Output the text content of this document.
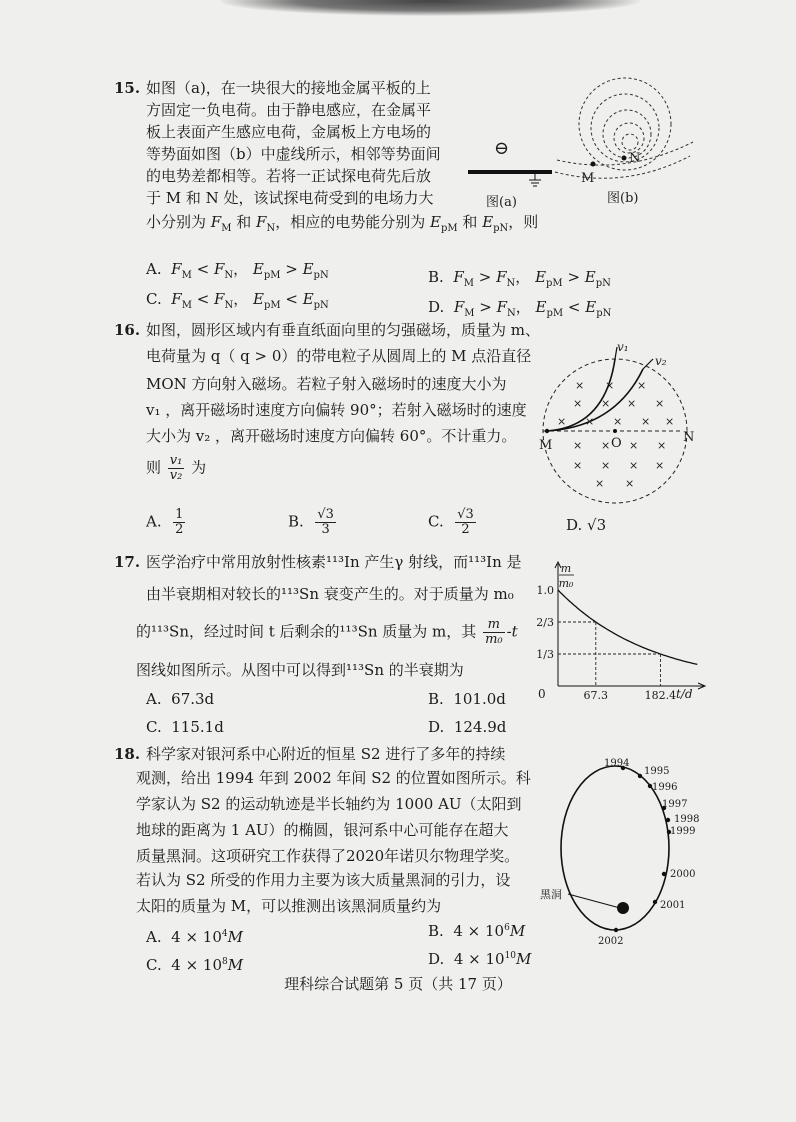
15. 如图（a)，在一块很大的接地金属平板的上
方固定一负电荷。由于静电感应，在金属平
板上表面产生感应电荷，金属板上方电场的
等势面如图（b）中虚线所示，相邻等势面间
的电势差都相等。若将一正试探电荷先后放
于 M 和 N 处，该试探电荷受到的电场力大
小分别为 $F_M$ 和 $F_N$，相应的电势能分别为 $E_{pM}$ 和 $E_{pN}$，则
⊖
图(a)
M
N
图(b)
A. $F_M < F_N$， $E_{pM} > E_{pN}$	B. $F_M > F_N$， $E_{pM} > E_{pN}$
C. $F_M < F_N$， $E_{pM} < E_{pN}$	D. $F_M > F_N$， $E_{pM} < E_{pN}$
16. 如图，圆形区域内有垂直纸面向里的匀强磁场，质量为 m、
电荷量为 q（ q > 0）的带电粒子从圆周上的 M 点沿直径
MON 方向射入磁场。若粒子射入磁场时的速度大小为
v₁ ，离开磁场时速度方向偏转 90°；若射入磁场时的速度
大小为 v₂ ，离开磁场时速度方向偏转 60°。不计重力。
则 $\frac{\text{v₁}}{\text{v₂}}$ 为
× × ×
× × × ×
× × × × ×
× × × ×
× × × ×
× ×
M	O	N
v₁
v₂
A. $\frac{1}{2}$	B. $\frac{√3}{3}$	C. $\frac{√3}{2}$	D. √3
17. 医学治疗中常用放射性核素¹¹³In 产生γ 射线，而¹¹³In 是
由半衰期相对较长的¹¹³Sn 衰变产生的。对于质量为 m₀
的¹¹³Sn，经过时间 t 后剩余的¹¹³Sn 质量为 m，其 $\frac{m}{\text{m₀}} -t$
图线如图所示。从图中可以得到¹¹³Sn 的半衰期为
A. 67.3d	B. 101.0d
C. 115.1d	D. 124.9d
m
m₀
0	t/d
1.0
2/3
1/3
67.3	182.4
18. 科学家对银河系中心附近的恒星 S2 进行了多年的持续
观测，给出 1994 年到 2002 年间 S2 的位置如图所示。科
学家认为 S2 的运动轨迹是半长轴约为 1000 AU（太阳到
地球的距离为 1 AU）的椭圆，银河系中心可能存在超大
质量黑洞。这项研究工作获得了2020年诺贝尔物理学奖。
若认为 S2 所受的作用力主要为该大质量黑洞的引力，设
太阳的质量为 M，可以推测出该黑洞质量约为
A. $4 \times 10^4M$	B. $4 \times 10^6M$
C. $4 \times 10^8M$	D. $4 \times 10^{10}M$
黑洞
1994
1995
1996
1997
1998
1999
2000
2001
2002
理科综合试题第 5 页（共 17 页）
